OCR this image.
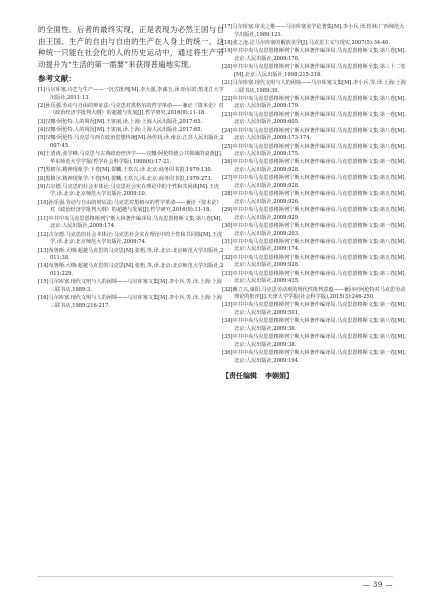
的全面性。后者的最终实现，正是表现为必然王国与自由王国、生产的自由与自由的生产在人身上的统一。这种统一只能在社会化的人的历史运动中，通过将生产劳动提升为“生活的第一需要”来获得普遍地实现。

参考文献：
[1]马尔库塞.诗艺与生产——一沉式批判[M].李大强,李诚玉,译.哈尔滨:黑龙江大学出版社,2011:13.
[2]孙乐强.劳动与自由的辩证法:马克思对黑格尔的哲学革命——兼论《资本论》对《政治经济学批判大纲》的超越与发展[J].哲学研究,2016(9):11-18.
[3]汉娜·阿伦特.人的境况[M].王寅丽,译.上海:上海人民出版社,2017:65.
[4]汉娜·阿伦特.人的境况[M].王寅丽,译.上海:上海人民出版社,2017:65.
[5]汉娜·阿伦特.马克思与西方政治思想传统[M].孙传钊,译.南京:江苏人民出版社,2007:45.
[6]王清涛,张学峰.马克思与古典政治经济学——汉娜·阿伦特德公共领域的衰落[J].华东师范大学学报(哲学社会科学版),1998(6):17-21.
[7]黑格尔.精神现象学:下卷[M].贺麟,王玖兴,译.北京:商务印书馆,1979:130.
[8]黑格尔.精神现象学:下卷[M].贺麟,王玖兴,译.北京:商务印书馆,1979:273.
[9]古尔德.马克思的社会本体论:马克思社会实在理论中的个性和共同体[M].王虎学,译.北京:北京师范大学出版社,2009:10.
[10]孙乐强.劳动与自由的辩证法:马克思对黑格尔的哲学革命——兼论《资本论》对《政治经济学批判大纲》的超越与发展[J].哲学研究,2016(9):11-18.
[11]中共中央马克思恩格斯列宁斯大林著作编译局.马克思恩格斯文集:第八卷[M].北京:人民出版社,2009:174.
[12]古尔德.马克思的社会本体论:马克思社会实在理论中的个性和共同体[M].王虎学,译.北京:北京师范大学出版社,2009:74.
[13]布鲁斯.大纲:超越马克思的马克思[M].张梧,等,译.北京:北京师范大学出版社,2011:38.
[14]布鲁斯.大纲:超越马克思的马克思[M].张梧,等,译.北京:北京师范大学出版社,2011:229.
[15]马尔库塞.现代文明与人的困境——马尔库塞文集[M].李小兵,等,译.上海:上海三联书店,1989:3.
[16]马尔库塞.现代文明与人的困境——马尔库塞文集[M].李小兵,等,译.上海:上海三联书店,1989:216-217.
[17]马尔库塞.审美之维——马尔库塞美学论著集[M].李小兵,译.桂林:广西师范大学出版社,1989:121.
[18]张之沧.论马尔库塞的解放美学[J].马克思主义与现实,2007(5):34-40.
[19]中共中央马克思恩格斯列宁斯大林著作编译局.马克思恩格斯文集:第八卷[M].北京:人民出版社,2009:176.
[20]中共中央马克思恩格斯列宁斯大林著作编译局.马克思恩格斯全集:第三十二卷[M].北京:人民出版社,1998:215-216.
[21]马尔库塞.现代文明与人的困境——马尔库塞文集[M].李小兵,等,译.上海:上海三联书店,1989:39.
[22]中共中央马克思恩格斯列宁斯大林著作编译局.马克思恩格斯文集:第八卷[M].北京:人民出版社,2009:179.
[23]中共中央马克思恩格斯列宁斯大林著作编译局.马克思恩格斯文集:第一卷[M].北京:人民出版社,2009:605.
[24]中共中央马克思恩格斯列宁斯大林著作编译局.马克思恩格斯文集:第八卷[M].北京:人民出版社,2009:173-174.
[25]中共中央马克思恩格斯列宁斯大林著作编译局.马克思恩格斯文集:第八卷[M].北京:人民出版社,2009:175.
[26]中共中央马克思恩格斯列宁斯大林著作编译局.马克思恩格斯文集:第一卷[M].北京:人民出版社,2009:928.
[27]中共中央马克思恩格斯列宁斯大林著作编译局.马克思恩格斯文集:第五卷[M].北京:人民出版社,2009:928.
[28]中共中央马克思恩格斯列宁斯大林著作编译局.马克思恩格斯文集:第五卷[M].北京:人民出版社,2009:926.
[29]中共中央马克思恩格斯列宁斯大林著作编译局.马克思恩格斯文集:第五卷[M].北京:人民出版社,2009:929.
[30]中共中央马克思恩格斯列宁斯大林著作编译局.马克思恩格斯文集:第一卷[M].北京:人民出版社,2009:203.
[31]中共中央马克思恩格斯列宁斯大林著作编译局.马克思恩格斯文集:第八卷[M].北京:人民出版社,2009:174.
[32]中共中央马克思恩格斯列宁斯大林著作编译局.马克思恩格斯文集:第五卷[M].北京:人民出版社,2009:928.
[33]中共中央马克思恩格斯列宁斯大林著作编译局.马克思恩格斯文集:第三卷[M].北京:人民出版社,2009:435.
[32]戴立兴,康阳.马克思劳动观的现代性批判意蕴——兼回应阿伦特对马克思劳动理论的批评[J].天津大学学报(社会科学版),2015(3):246-250.
[33]中共中央马克思恩格斯列宁斯大林著作编译局.马克思恩格斯文集:第一卷[M].北京:人民出版社,2009:501.
[34]中共中央马克思恩格斯列宁斯大林著作编译局.马克思恩格斯文集:第八卷[M].北京:人民出版社,2009:36.
[35]中共中央马克思恩格斯列宁斯大林著作编译局.马克思恩格斯文集:第八卷[M].北京:人民出版社,2009:38.
[36]中共中央马克思恩格斯列宁斯大林著作编译局.马克思恩格斯文集:第一卷[M].北京:人民出版社,2009:194.
【责任编辑 李娴娟】
— 39 —
